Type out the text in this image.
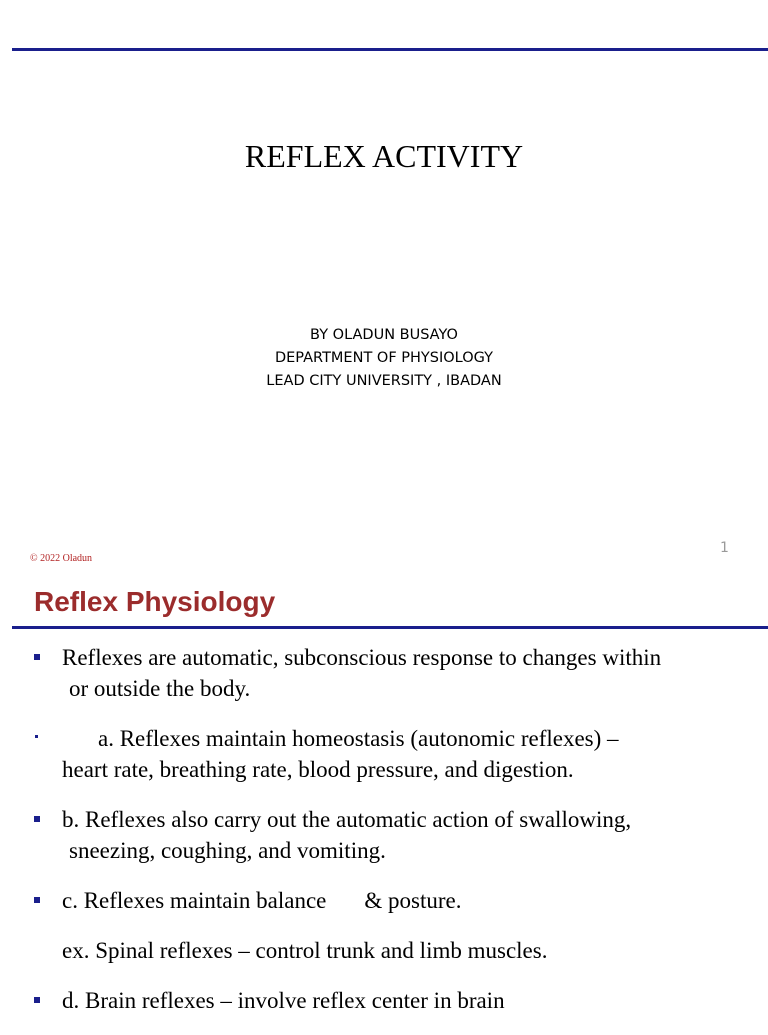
REFLEX ACTIVITY
BY OLADUN BUSAYO
DEPARTMENT OF PHYSIOLOGY
LEAD CITY UNIVERSITY , IBADAN
© 2022 Oladun
1
Reflex Physiology
Reflexes are automatic, subconscious response to changes within
or outside the body.
a. Reflexes maintain homeostasis (autonomic reflexes) –
heart rate, breathing rate, blood pressure, and digestion.
b. Reflexes also carry out the automatic action of swallowing,
sneezing, coughing, and vomiting.
c. Reflexes maintain balance & posture.
ex. Spinal reflexes – control trunk and limb muscles.
d. Brain reflexes – involve reflex center in brain
